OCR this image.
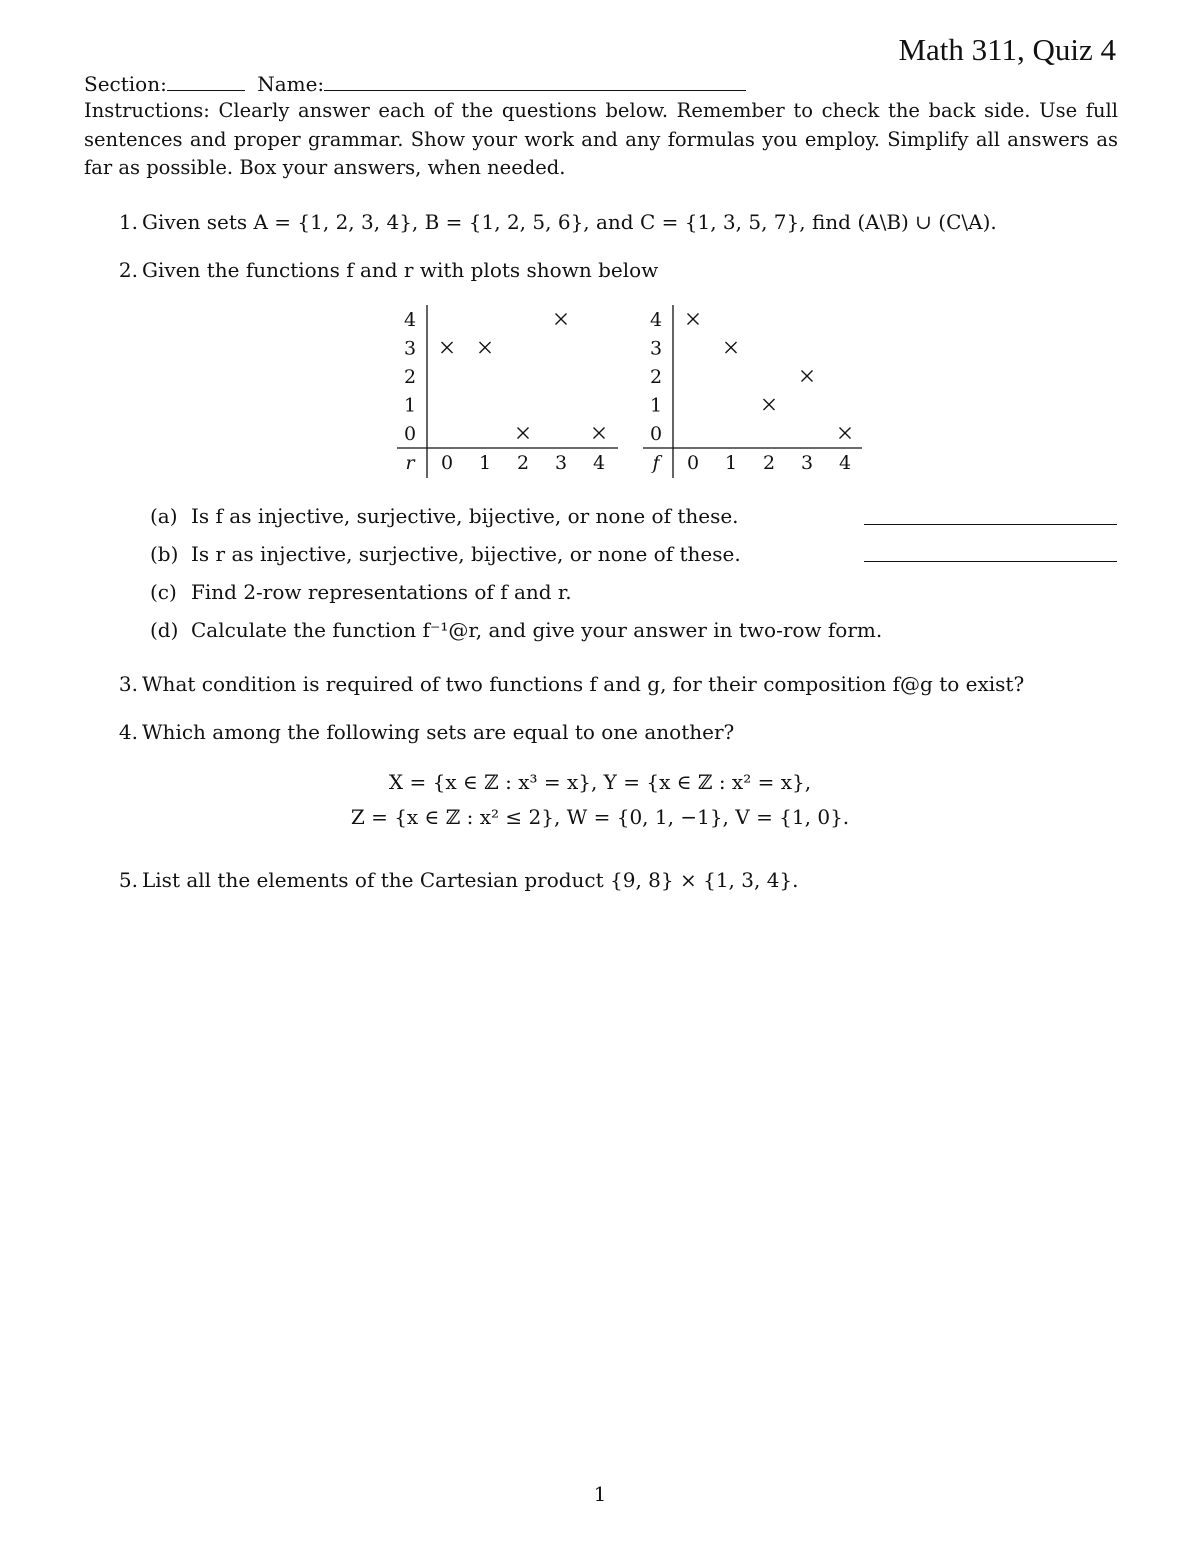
Math 311, Quiz 4
Section:	Name:
Instructions: Clearly answer each of the questions below. Remember to check the back side. Use full sentences and proper grammar. Show your work and any formulas you employ. Simplify all answers as far as possible. Box your answers, when needed.
1. Given sets A = {1, 2, 3, 4}, B = {1, 2, 5, 6}, and C = {1, 3, 5, 7}, find (A\B) ∪ (C\A).
2. Given the functions f and r with plots shown below
0
1
2
3
4
r 0 1 2 3 4
0
1
2
3
4
f 0 1 2 3 4
(a) Is f as injective, surjective, bijective, or none of these.
(b) Is r as injective, surjective, bijective, or none of these.
(c) Find 2-row representations of f and r.
(d) Calculate the function f⁻¹@r, and give your answer in two-row form.
3. What condition is required of two functions f and g, for their composition f@g to exist?
4. Which among the following sets are equal to one another?
X = {x ∈ ℤ : x³ = x}, Y = {x ∈ ℤ : x² = x},
Z = {x ∈ ℤ : x² ≤ 2}, W = {0, 1, −1}, V = {1, 0}.
5. List all the elements of the Cartesian product {9, 8} × {1, 3, 4}.
1
